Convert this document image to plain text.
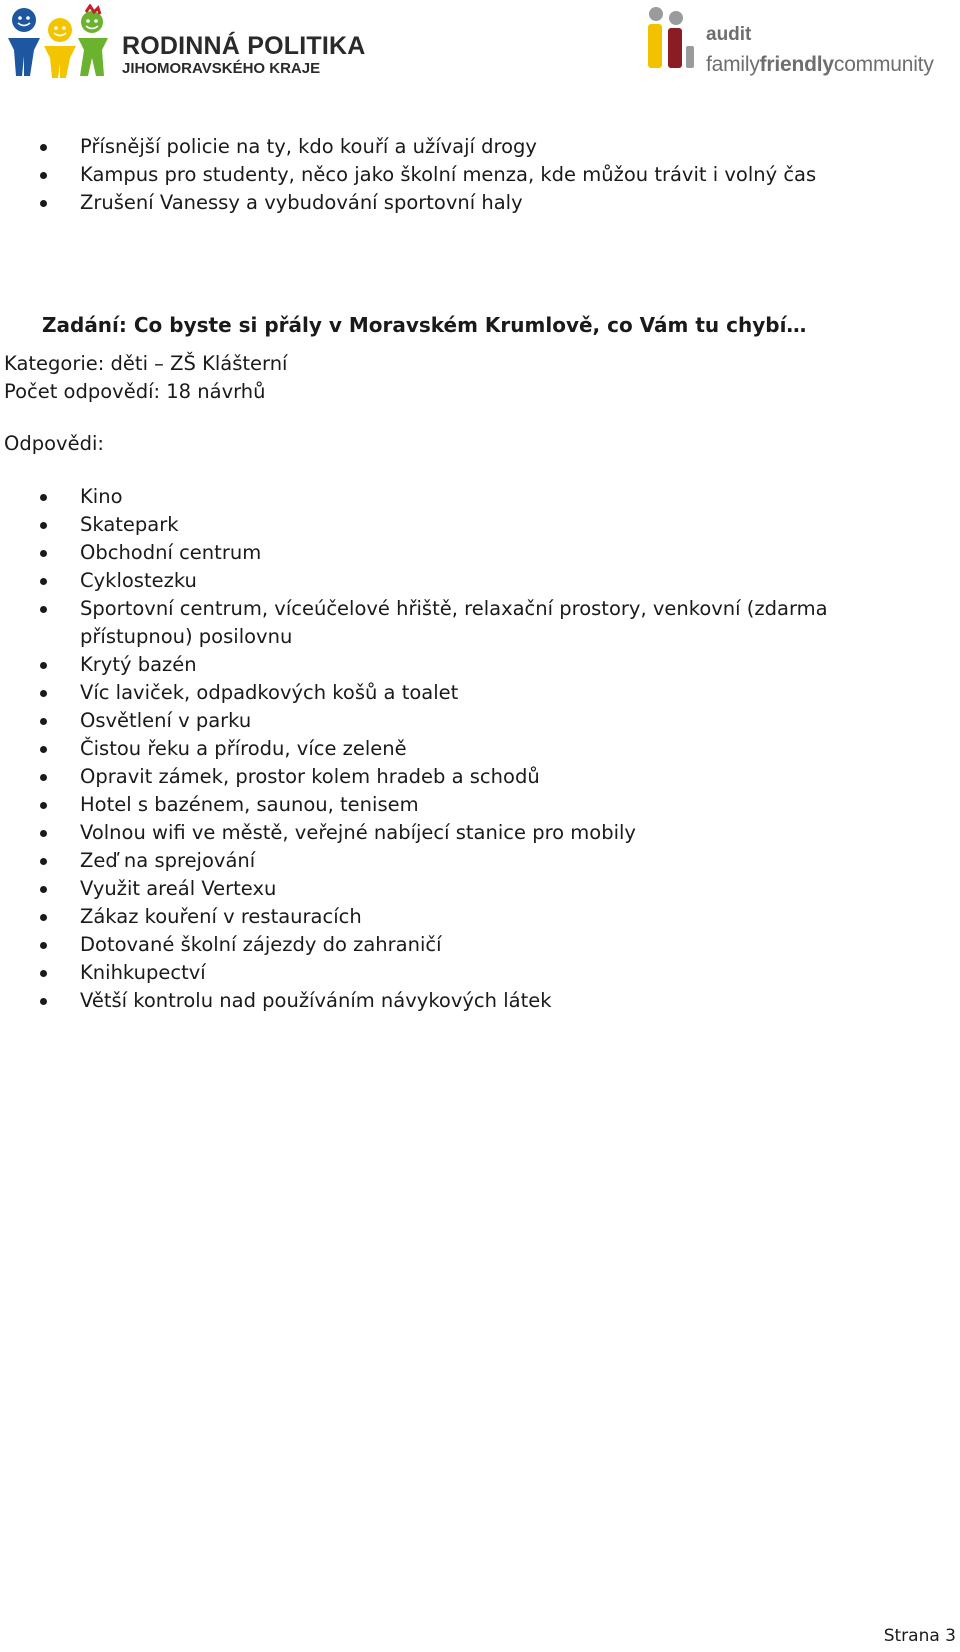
RODINNÁ POLITIKA
JIHOMORAVSKÉHO KRAJE
audit
familyfriendlycommunity
Přísnější policie na ty, kdo kouří a užívají drogy
Kampus pro studenty, něco jako školní menza, kde můžou trávit i volný čas
Zrušení Vanessy a vybudování sportovní haly
Zadání: Co byste si přály v Moravském Krumlově, co Vám tu chybí…
Kategorie: děti – ZŠ Klášterní
Počet odpovědí: 18 návrhů
Odpovědi:
Kino
Skatepark
Obchodní centrum
Cyklostezku
Sportovní centrum, víceúčelové hřiště, relaxační prostory, venkovní (zdarma
přístupnou) posilovnu
Krytý bazén
Víc laviček, odpadkových košů a toalet
Osvětlení v parku
Čistou řeku a přírodu, více zeleně
Opravit zámek, prostor kolem hradeb a schodů
Hotel s bazénem, saunou, tenisem
Volnou wifi ve městě, veřejné nabíjecí stanice pro mobily
Zeď na sprejování
Využit areál Vertexu
Zákaz kouření v restauracích
Dotované školní zájezdy do zahraničí
Knihkupectví
Větší kontrolu nad používáním návykových látek
Strana 3
